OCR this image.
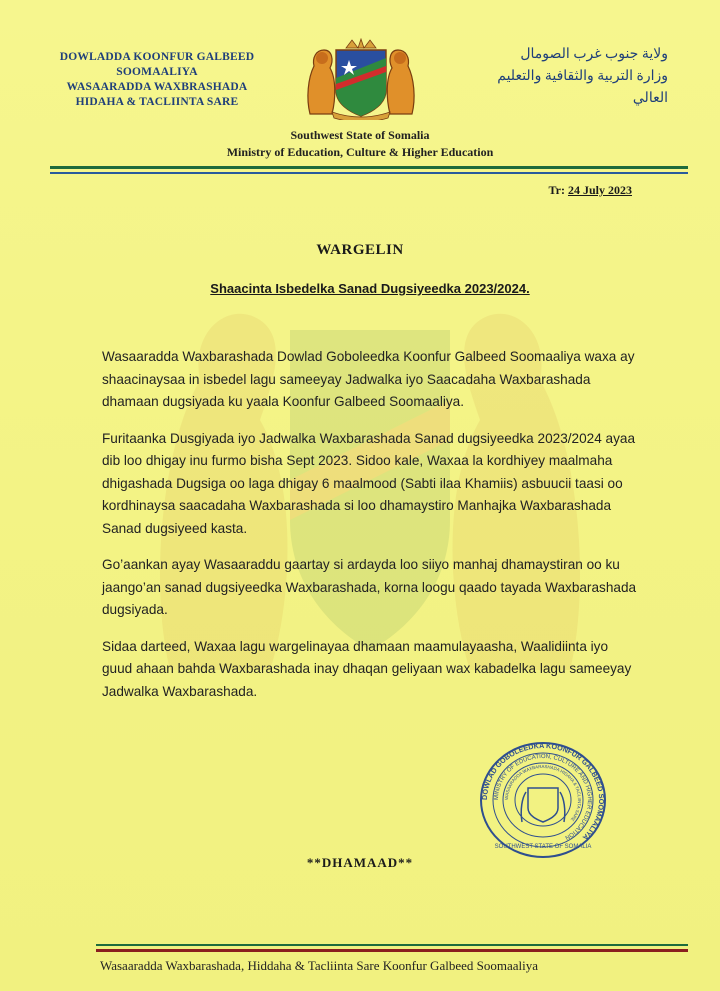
DOWLADDA KOONFUR GALBEED
SOOMAALIYA
WASAARADDA WAXBRASHADA
HIDAHA & TACLIINTA SARE
ولاية جنوب غرب الصومال
وزارة التربية والثقافية والتعليم العالي
Southwest State of Somalia
Ministry of Education, Culture & Higher Education
Tr: 24 July 2023
WARGELIN
Shaacinta Isbedelka Sanad Dugsiyeedka 2023/2024.

Wasaaradda Waxbarashada Dowlad Goboleedka Koonfur Galbeed Soomaaliya waxa ay shaacinaysaa in isbedel lagu sameeyay Jadwalka iyo Saacadaha Waxbarashada dhamaan dugsiyada ku yaala Koonfur Galbeed Soomaaliya.

Furitaanka Dusgiyada iyo Jadwalka Waxbarashada Sanad dugsiyeedka 2023/2024 ayaa dib loo dhigay inu furmo bisha Sept 2023. Sidoo kale, Waxaa la kordhiyey maalmaha dhigashada Dugsiga oo laga dhigay 6 maalmood (Sabti ilaa Khamiis) asbuucii taasi oo kordhinaysa saacadaha Waxbarashada si loo dhamaystiro Manhajka Waxbarashada Sanad dugsiyeed kasta.

Go’aankan ayay Wasaaraddu gaartay si ardayda loo siiyo manhaj dhamaystiran oo ku jaango’an sanad dugsiyeedka Waxbarashada, korna loogu qaado tayada Waxbarashada dugsiyada.

Sidaa darteed, Waxaa lagu wargelinayaa dhamaan maamulayaasha, Waalidiinta iyo guud ahaan bahda Waxbarashada inay dhaqan geliyaan wax kabadelka lagu sameeyay Jadwalka Waxbarashada.

DOWLAD GOBOLEEDKA KOONFUR GALBEED SOOMAALIYA
MINISTRY OF EDUCATION, CULTURE AND HIGHER EDUCATION
WASAARADDA WAXBARASHADA HIDAHA & TACLIINTA SARE
SOUTHWEST STATE OF SOMALIA
**DHAMAAD**
Wasaaradda Waxbarashada, Hiddaha & Tacliinta Sare Koonfur Galbeed Soomaaliya
